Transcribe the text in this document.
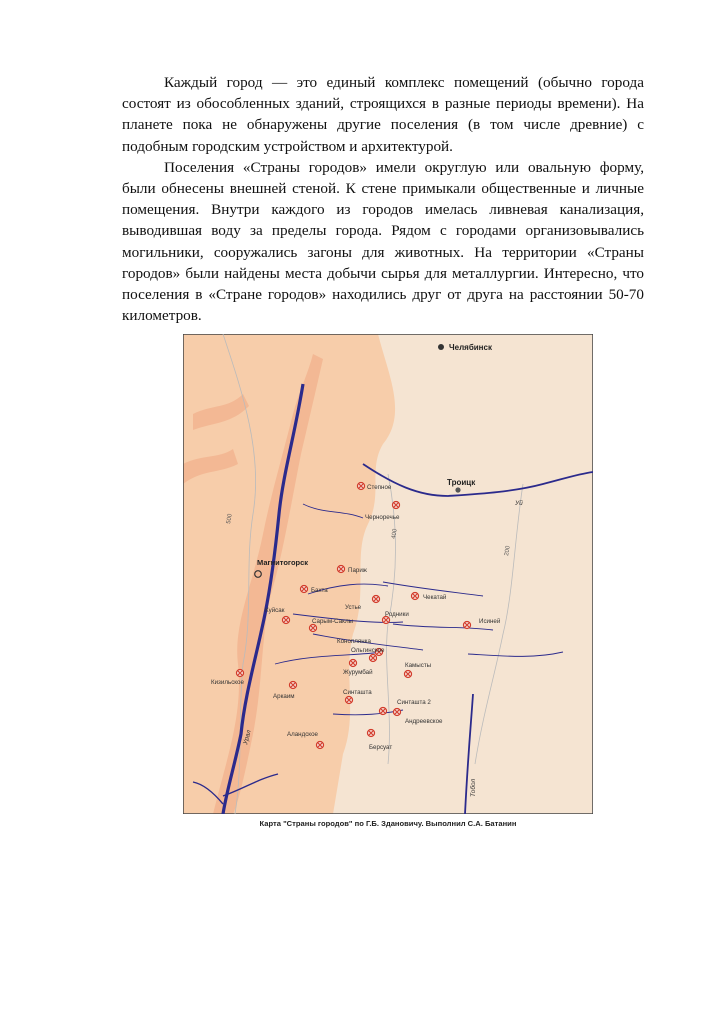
Каждый город — это единый комплекс помещений (обычно города состоят из обособленных зданий, строящихся в разные периоды времени). На планете пока не обнаружены другие поселения (в том числе древние) с подобным городским устройством и архитектурой.

Поселения «Страны городов» имели округлую или овальную форму, были обнесены внешней стеной. К стене примыкали общественные и личные помещения. Внутри каждого из городов имелась ливневая канализация, выводившая воду за пределы города. Рядом с городами организовывались могильники, сооружались загоны для животных. На территории «Страны городов» были найдены места добычи сырья для металлургии. Интересно, что поселения в «Стране городов» находились друг от друга на расстоянии 50-70 километров.

500
400
200
Челябинск
Троицк
Магнитогорск
Уй
Урал
Тобол
Степное
Черноречье
Париж
Бахта
Куйсак
Сарым-Саклы
Устье
Родники
Чекатай
Исиней
Коноплянка
Ольгинское
Журумбай
Камысты
Кизильское
Аркаим
Синташта
Синташта 2
Андреевское
Аландское
Берсуат
Карта "Страны городов" по Г.Б. Здановичу. Выполнил С.А. Батанин
